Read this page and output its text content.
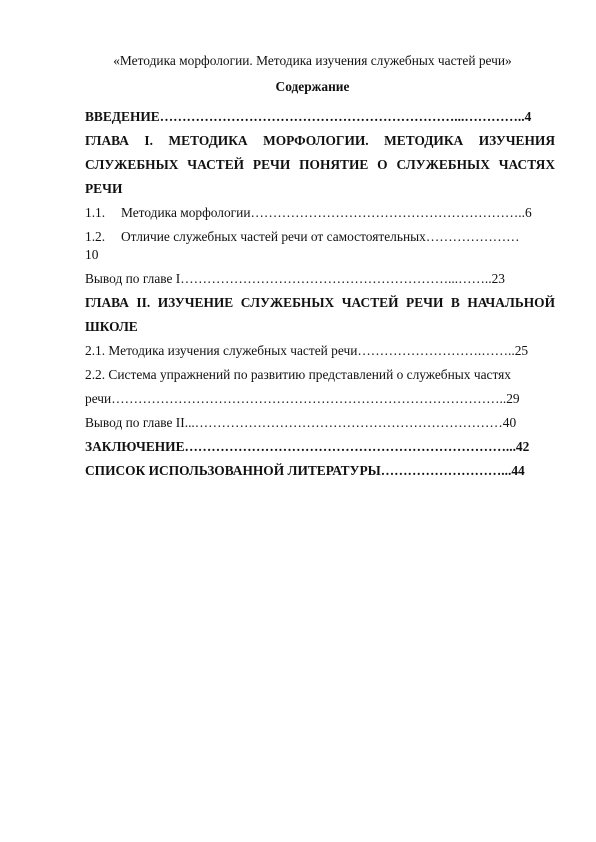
«Методика морфологии. Методика изучения служебных частей речи»
Содержание
ВВЕДЕНИЕ…………………………………………………………...…………..4
ГЛАВА I. МЕТОДИКА МОРФОЛОГИИ. МЕТОДИКА ИЗУЧЕНИЯ
СЛУЖЕБНЫХ ЧАСТЕЙ РЕЧИ ПОНЯТИЕ О СЛУЖЕБНЫХ ЧАСТЯХ
РЕЧИ
1.1. Методика морфологии……………………………………………………..6
1.2. Отличие служебных частей речи от самостоятельных…………………
10
Вывод по главе I……………………………………………………...……..23
ГЛАВА II. ИЗУЧЕНИЕ СЛУЖЕБНЫХ ЧАСТЕЙ РЕЧИ В НАЧАЛЬНОЙ
ШКОЛЕ
2.1. Методика изучения служебных частей речи……………………….……..25
2.2. Система упражнений по развитию представлений о служебных частях
речи……………………………………………………………………………..29
Вывод по главе II...……………………………………………………………40
ЗАКЛЮЧЕНИЕ………………………………………………………………...42
СПИСОК ИСПОЛЬЗОВАННОЙ ЛИТЕРАТУРЫ………………………...44
